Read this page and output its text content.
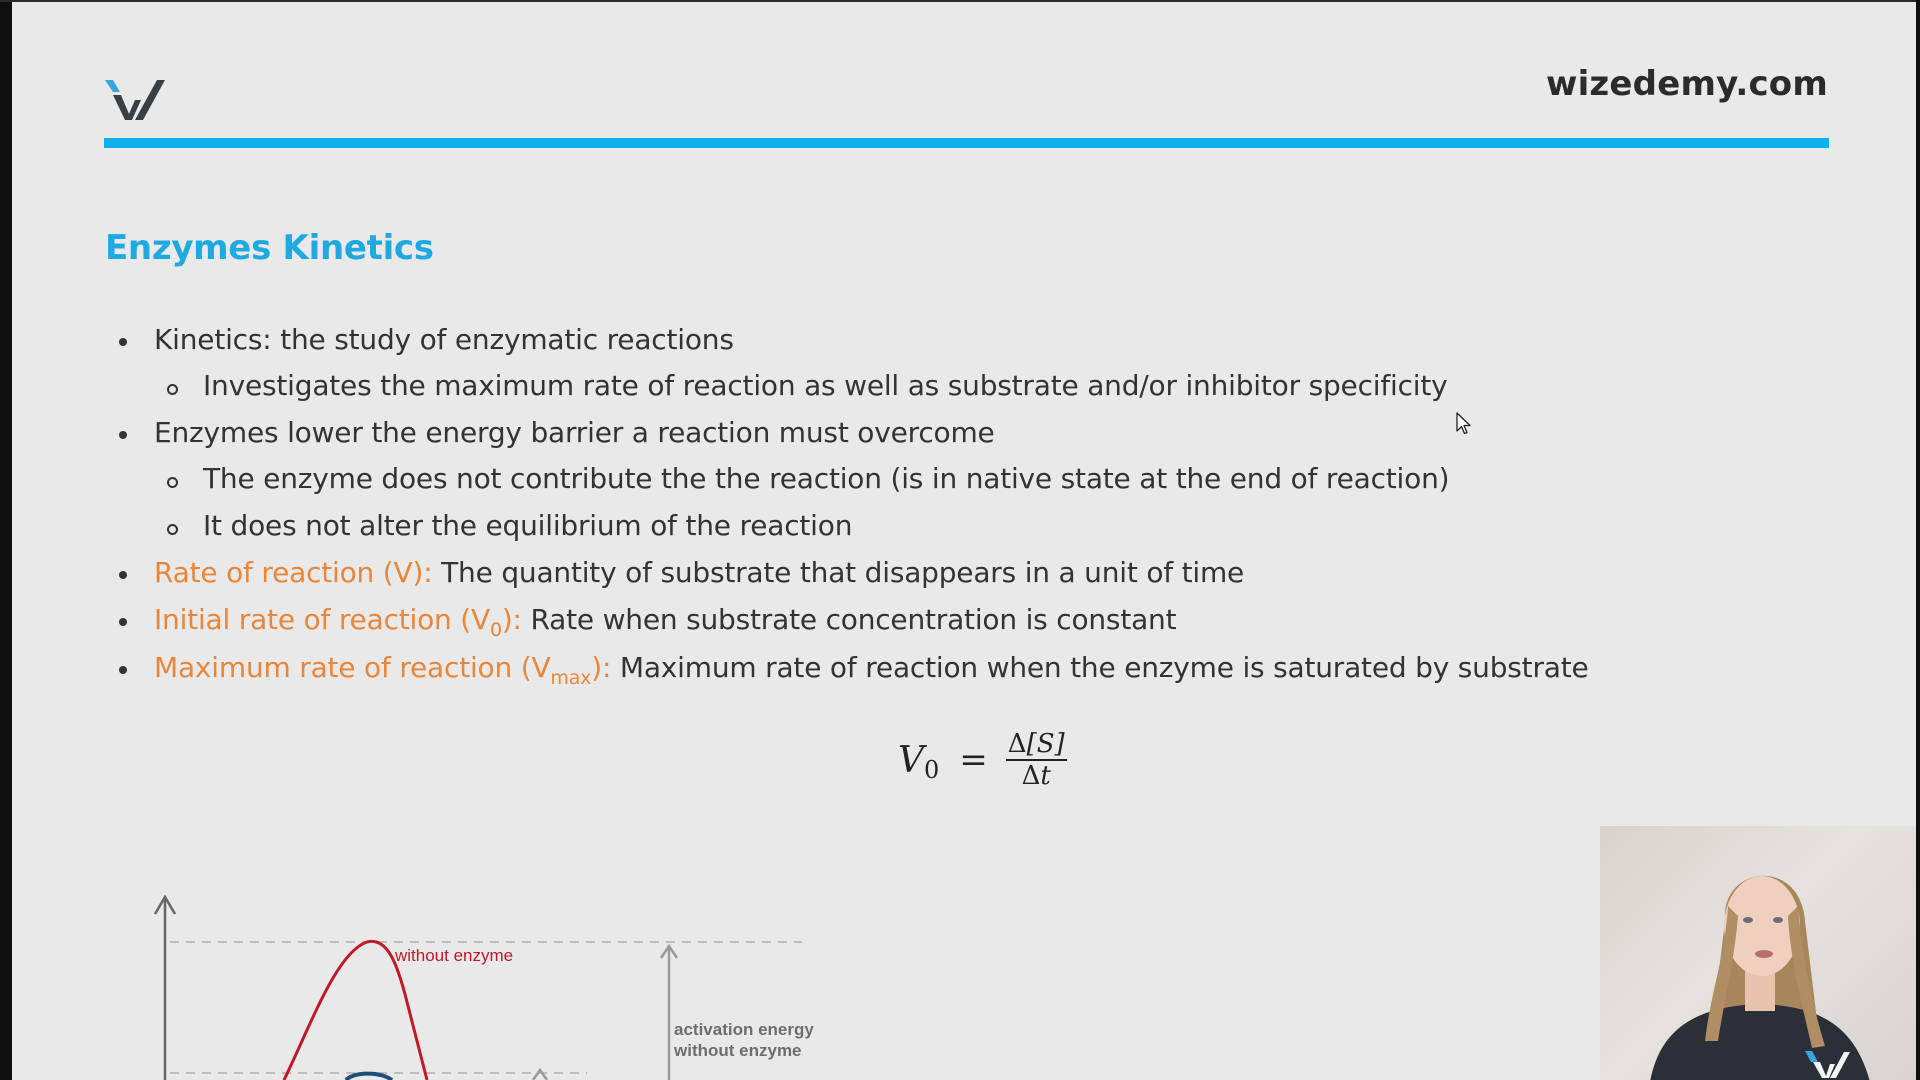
wizedemy.com
Enzymes Kinetics
Kinetics: the study of enzymatic reactions
Investigates the maximum rate of reaction as well as substrate and/or inhibitor specificity
Enzymes lower the energy barrier a reaction must overcome
The enzyme does not contribute the the reaction (is in native state at the end of reaction)
It does not alter the equilibrium of the reaction
Rate of reaction (V): The quantity of substrate that disappears in a unit of time
Initial rate of reaction $(V_0)$: Rate when substrate concentration is constant
Maximum rate of reaction $(V_{max})$: Maximum rate of reaction when the enzyme is saturated by substrate
V $0 = \frac{\Delta[S]}{\Delta t}$
without enzyme
activation energy without enzyme
